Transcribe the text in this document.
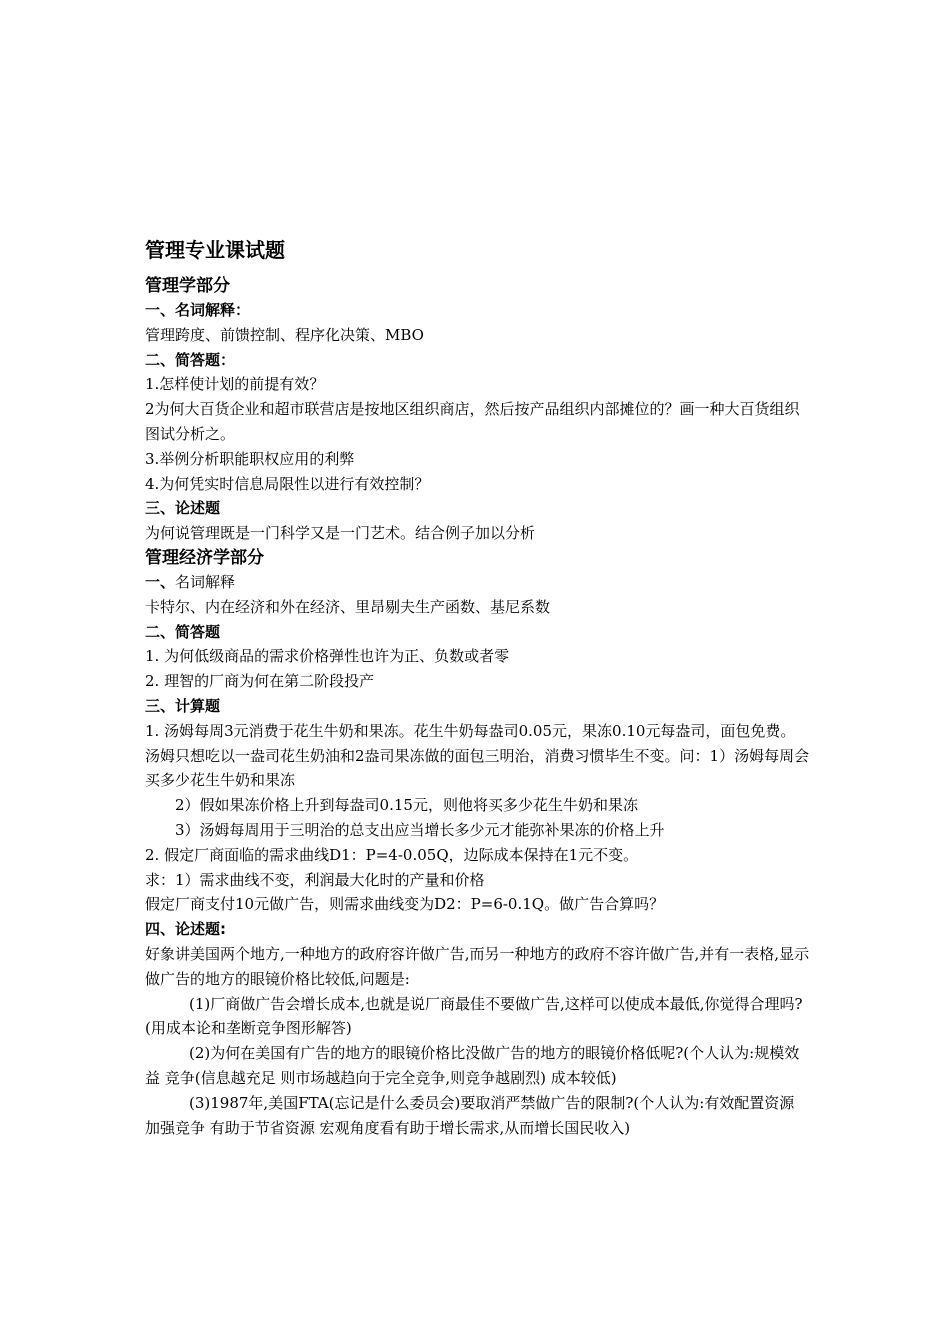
管理专业课试题
管理学部分
一、名词解释：
管理跨度、前馈控制、程序化决策、MBO
二、简答题：
1.怎样使计划的前提有效？
2为何大百货企业和超市联营店是按地区组织商店，然后按产品组织内部摊位的？画一种大百货组织图试分析之。
3.举例分析职能职权应用的利弊
4.为何凭实时信息局限性以进行有效控制？
三、论述题
为何说管理既是一门科学又是一门艺术。结合例子加以分析
管理经济学部分
一、名词解释
卡特尔、内在经济和外在经济、里昂剔夫生产函数、基尼系数
二、简答题
1. 为何低级商品的需求价格弹性也许为正、负数或者零
2. 理智的厂商为何在第二阶段投产
三、计算题
1. 汤姆每周3元消费于花生牛奶和果冻。花生牛奶每盎司0.05元，果冻0.10元每盎司，面包免费。汤姆只想吃以一盎司花生奶油和2盎司果冻做的面包三明治，消费习惯毕生不变。问：1）汤姆每周会买多少花生牛奶和果冻
2）假如果冻价格上升到每盎司0.15元，则他将买多少花生牛奶和果冻
3）汤姆每周用于三明治的总支出应当增长多少元才能弥补果冻的价格上升
2. 假定厂商面临的需求曲线D1：P=4-0.05Q，边际成本保持在1元不变。
求：1）需求曲线不变，利润最大化时的产量和价格
假定厂商支付10元做广告，则需求曲线变为D2：P=6-0.1Q。做广告合算吗？
四、论述题:
好象讲美国两个地方,一种地方的政府容许做广告,而另一种地方的政府不容许做广告,并有一表格,显示做广告的地方的眼镜价格比较低,问题是:
(1)厂商做广告会增长成本,也就是说厂商最佳不要做广告,这样可以使成本最低,你觉得合理吗?(用成本论和垄断竞争图形解答)
(2)为何在美国有广告的地方的眼镜价格比没做广告的地方的眼镜价格低呢?(个人认为:规模效益 竞争(信息越充足 则市场越趋向于完全竞争,则竞争越剧烈) 成本较低)
(3)1987年,美国FTA(忘记是什么委员会)要取消严禁做广告的限制?(个人认为:有效配置资源 加强竞争 有助于节省资源 宏观角度看有助于增长需求,从而增长国民收入)
